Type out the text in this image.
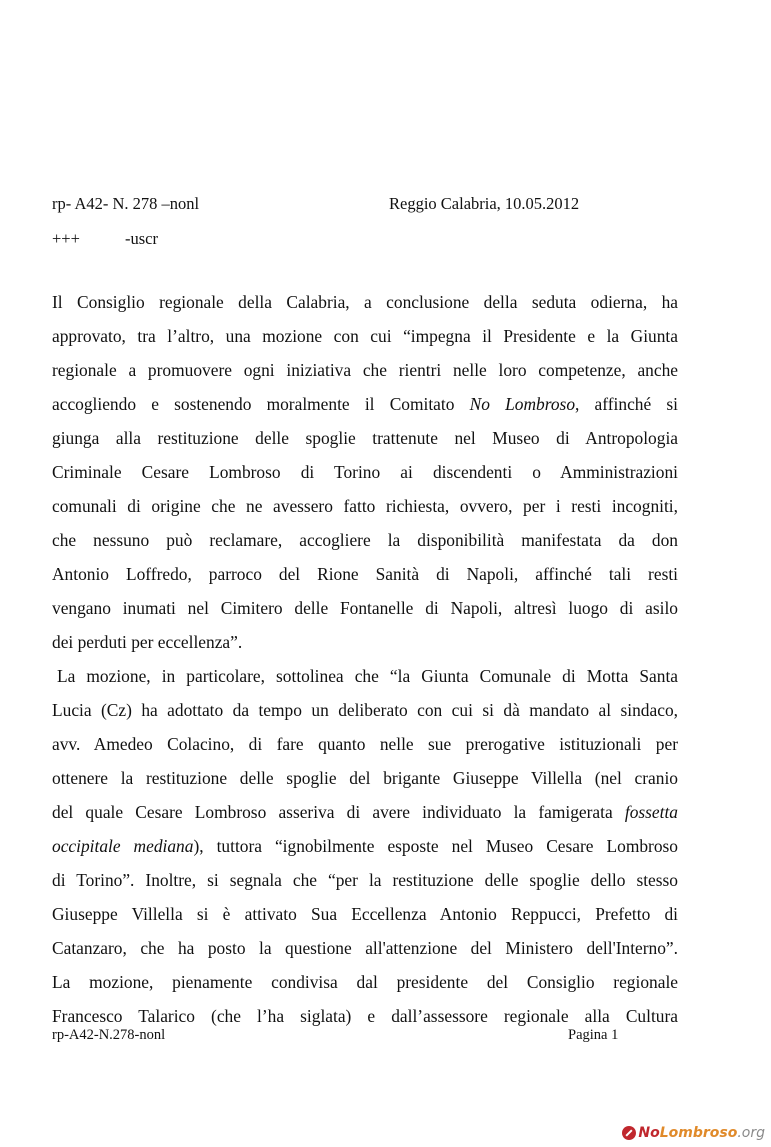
rp- A42- N. 278 –nonl	Reggio Calabria, 10.05.2012
+++	-uscr

Il Consiglio regionale della Calabria, a conclusione della seduta odierna, ha

approvato, tra l’altro, una mozione con cui “impegna il Presidente e la Giunta

regionale a promuovere ogni iniziativa che rientri nelle loro competenze, anche

accogliendo e sostenendo moralmente il Comitato No Lombroso, affinché si

giunga alla restituzione delle spoglie trattenute nel Museo di Antropologia

Criminale Cesare Lombroso di Torino ai discendenti o Amministrazioni

comunali di origine che ne avessero fatto richiesta, ovvero, per i resti incogniti,

che nessuno può reclamare, accogliere la disponibilità manifestata da don

Antonio Loffredo, parroco del Rione Sanità di Napoli, affinché tali resti

vengano inumati nel Cimitero delle Fontanelle di Napoli, altresì luogo di asilo

dei perduti per eccellenza”.

La mozione, in particolare, sottolinea che “la Giunta Comunale di Motta Santa

Lucia (Cz) ha adottato da tempo un deliberato con cui si dà mandato al sindaco,

avv. Amedeo Colacino, di fare quanto nelle sue prerogative istituzionali per

ottenere la restituzione delle spoglie del brigante Giuseppe Villella (nel cranio

del quale Cesare Lombroso asseriva di avere individuato la famigerata fossetta

occipitale mediana), tuttora “ignobilmente esposte nel Museo Cesare Lombroso

di Torino”. Inoltre, si segnala che “per la restituzione delle spoglie dello stesso

Giuseppe Villella si è attivato Sua Eccellenza Antonio Reppucci, Prefetto di

Catanzaro, che ha posto la questione all'attenzione del Ministero dell'Interno”.

La mozione, pienamente condivisa dal presidente del Consiglio regionale

Francesco Talarico (che l’ha siglata) e dall’assessore regionale alla Cultura

rp-A42-N.278-nonl	Pagina 1
No Lombroso .org
